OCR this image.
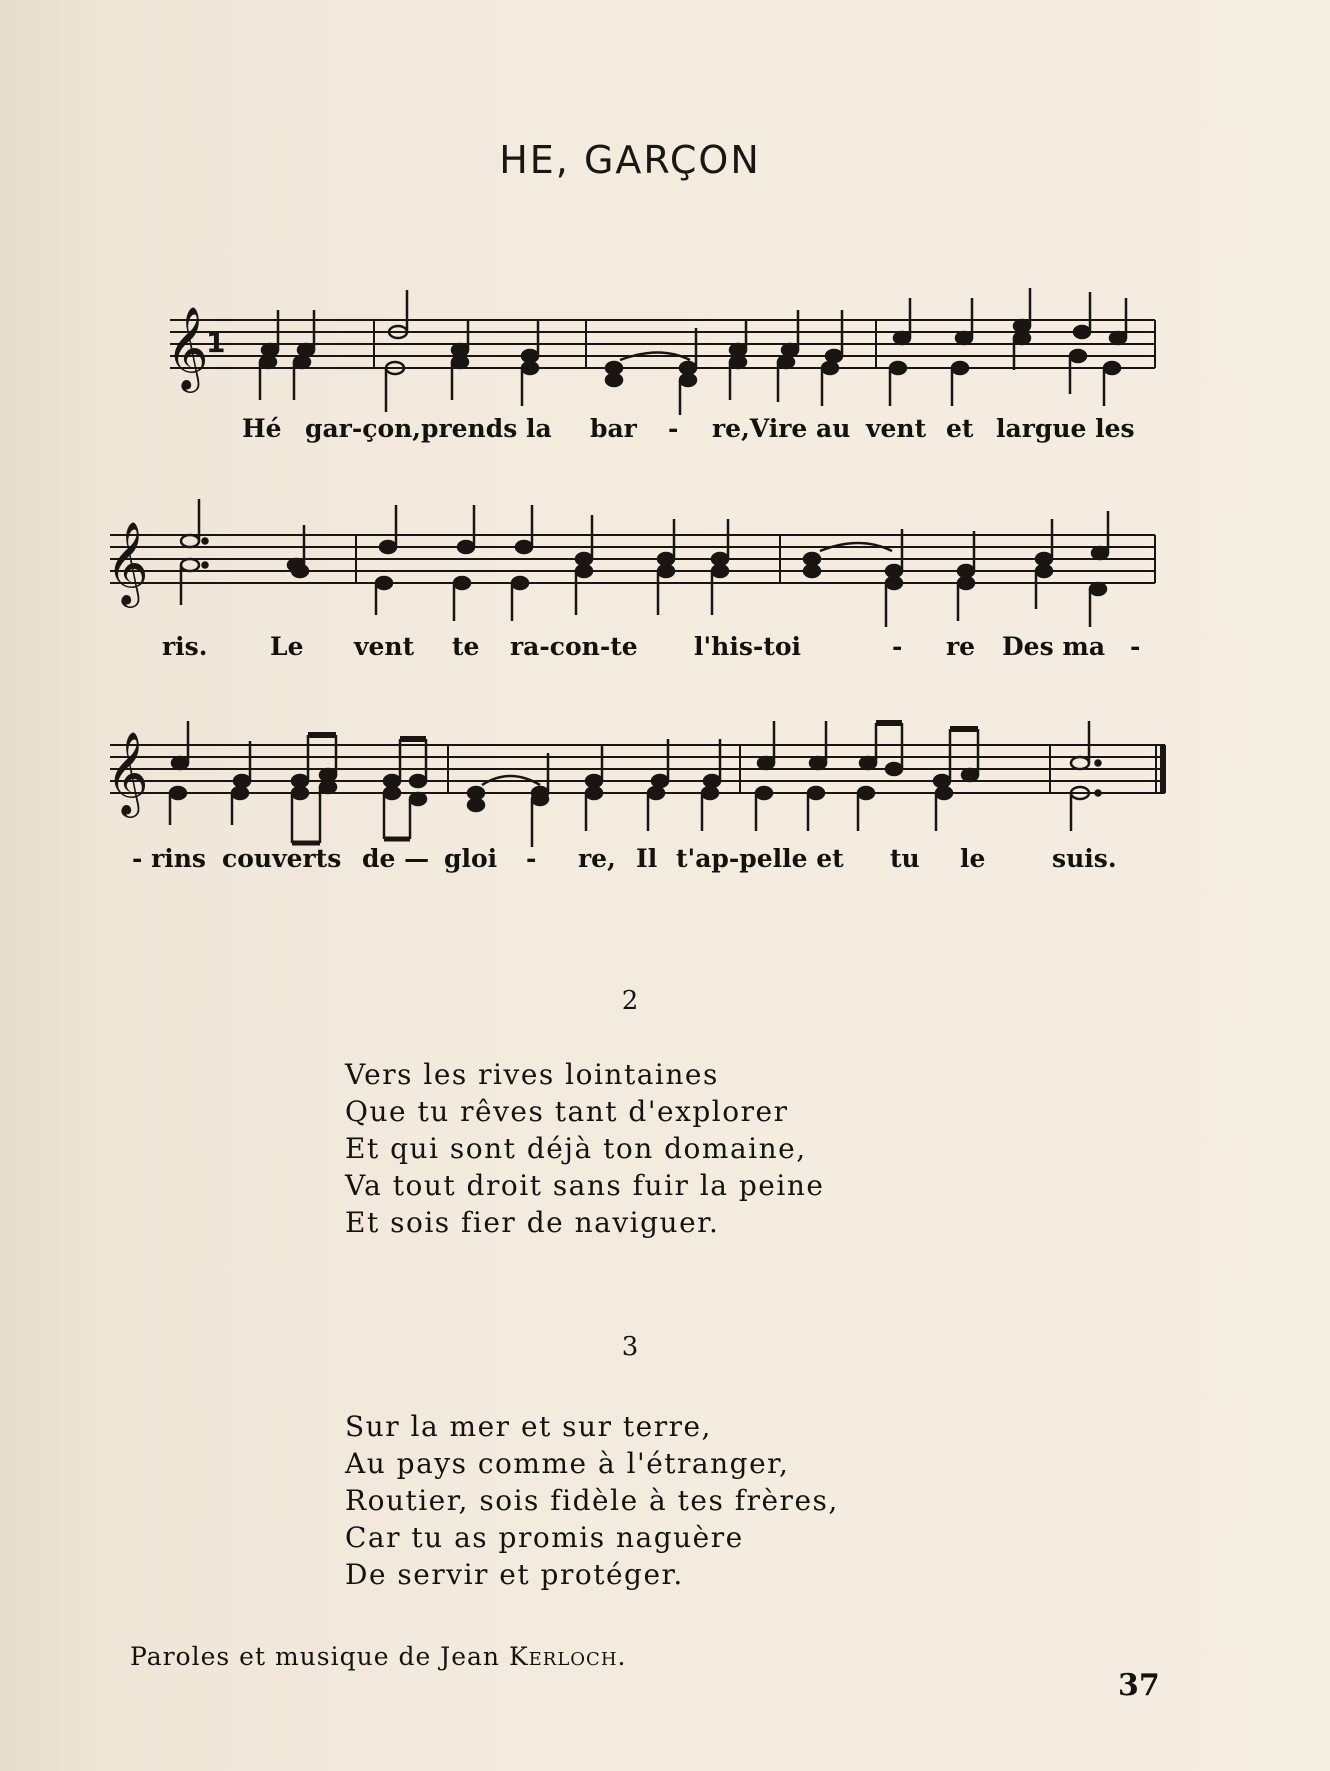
HE, GARÇON
𝄞
1
Hé gar-çon,prends la bar - re,Vire au vent et largue les
𝄞
ris.	Le vent te ra-con-te l'his-toi	- re Des ma -
𝄞
- rins couverts de — gloi - re, Il t'ap-pelle et tu le	suis.
2
Vers les rives lointaines
Que tu rêves tant d'explorer
Et qui sont déjà ton domaine,
Va tout droit sans fuir la peine
Et sois fier de naviguer.
3
Sur la mer et sur terre,
Au pays comme à l'étranger,
Routier, sois fidèle à tes frères,
Car tu as promis naguère
De servir et protéger.
Paroles et musique de Jean Kerloch.
37
